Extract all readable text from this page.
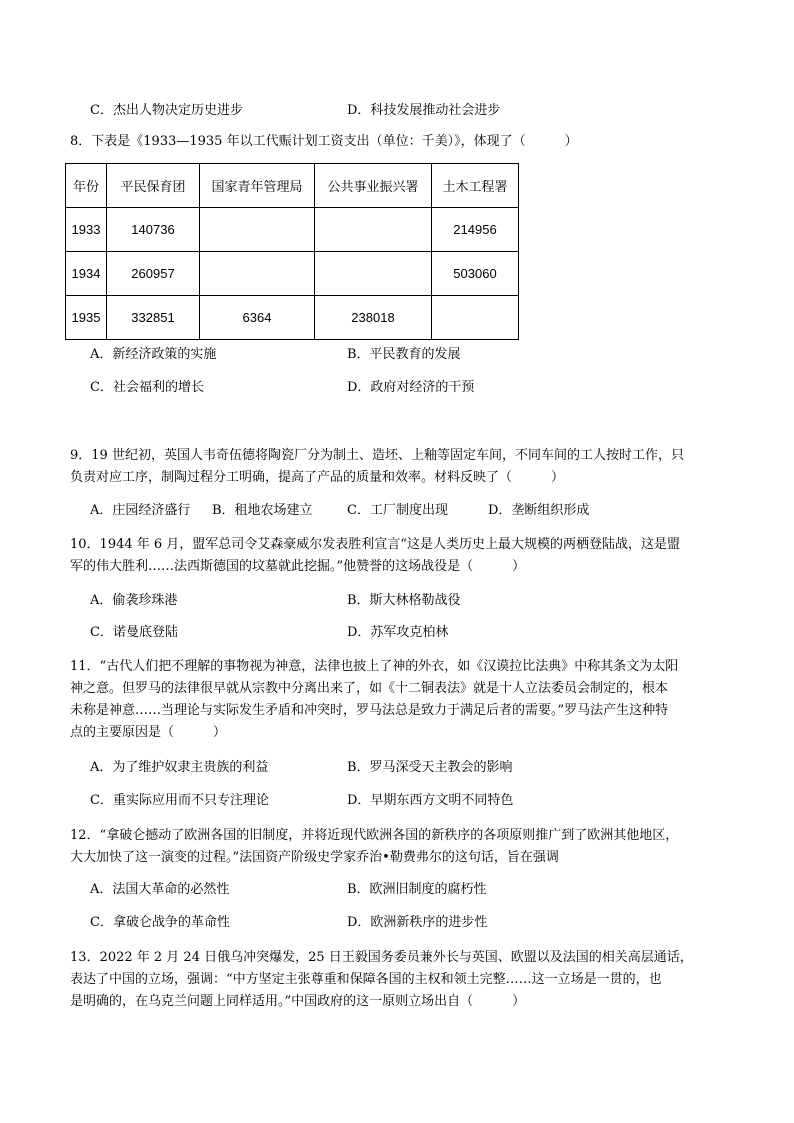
C．杰出人物决定历史进步	D．科技发展推动社会进步
8．下表是《1933—1935 年以工代赈计划工资支出（单位：千美）》，体现了（　　　）
年份	平民保育团	国家青年管理局	公共事业振兴署	土木工程署
1933	140736			214956
1934	260957			503060
1935	332851	6364	238018	
A．新经济政策的实施	B．平民教育的发展
C．社会福利的增长	D．政府对经济的干预

9．19 世纪初，英国人韦奇伍德将陶瓷厂分为制土、造坯、上釉等固定车间，不同车间的工人按时工作，只

负责对应工序，制陶过程分工明确，提高了产品的质量和效率。材料反映了（　　　）

A．庄园经济盛行 B．租地农场建立	C．工厂制度出现	D．垄断组织形成

10．1944 年 6 月，盟军总司令艾森豪威尔发表胜利宣言“这是人类历史上最大规模的两栖登陆战，这是盟

军的伟大胜利……法西斯德国的坟墓就此挖掘。”他赞誉的这场战役是（　　　）

A．偷袭珍珠港	B．斯大林格勒战役
C．诺曼底登陆	D．苏军攻克柏林

11．“古代人们把不理解的事物视为神意，法律也披上了神的外衣，如《汉谟拉比法典》中称其条文为太阳

神之意。但罗马的法律很早就从宗教中分离出来了，如《十二铜表法》就是十人立法委员会制定的，根本

未称是神意……当理论与实际发生矛盾和冲突时，罗马法总是致力于满足后者的需要。”罗马法产生这种特

点的主要原因是（　　　）

A．为了维护奴隶主贵族的利益	B．罗马深受天主教会的影响
C．重实际应用而不只专注理论	D．早期东西方文明不同特色

12．“拿破仑撼动了欧洲各国的旧制度，并将近现代欧洲各国的新秩序的各项原则推广到了欧洲其他地区，

大大加快了这一演变的过程。”法国资产阶级史学家乔治•勒费弗尔的这句话，旨在强调

A．法国大革命的必然性	B．欧洲旧制度的腐朽性
C．拿破仑战争的革命性	D．欧洲新秩序的进步性

13．2022 年 2 月 24 日俄乌冲突爆发，25 日王毅国务委员兼外长与英国、欧盟以及法国的相关高层通话，

表达了中国的立场，强调：“中方坚定主张尊重和保障各国的主权和领土完整……这一立场是一贯的，也

是明确的，在乌克兰问题上同样适用。”中国政府的这一原则立场出自（　　　）
